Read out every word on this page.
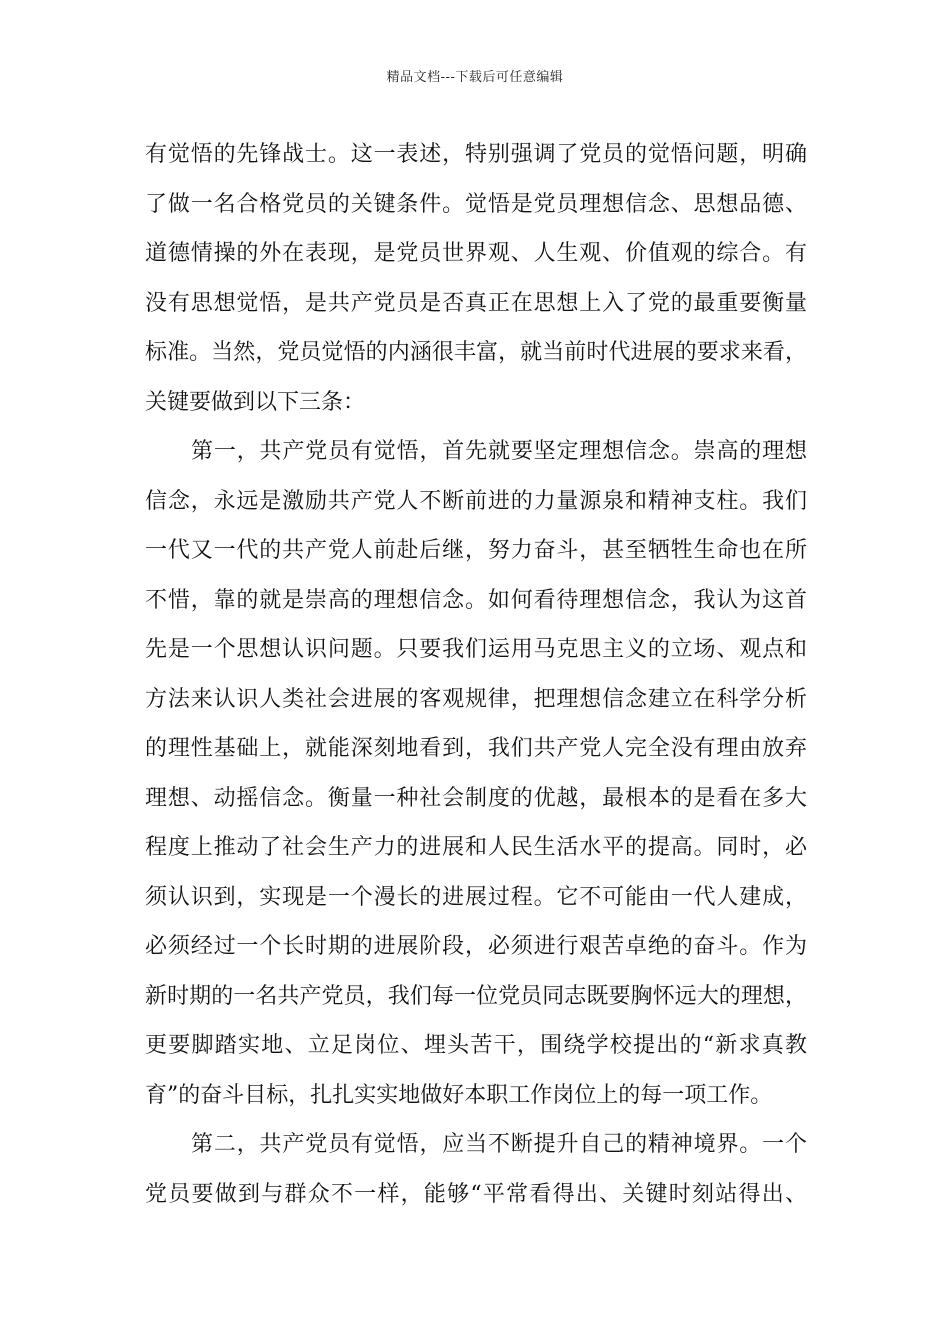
精品文档---下载后可任意编辑
有觉悟的先锋战士。这一表述，特别强调了党员的觉悟问题，明确
了做一名合格党员的关键条件。觉悟是党员理想信念、思想品德、
道德情操的外在表现，是党员世界观、人生观、价值观的综合。有
没有思想觉悟，是共产党员是否真正在思想上入了党的最重要衡量
标准。当然，党员觉悟的内涵很丰富，就当前时代进展的要求来看，
关键要做到以下三条：
第一，共产党员有觉悟，首先就要坚定理想信念。崇高的理想
信念，永远是激励共产党人不断前进的力量源泉和精神支柱。我们
一代又一代的共产党人前赴后继，努力奋斗，甚至牺牲生命也在所
不惜，靠的就是崇高的理想信念。如何看待理想信念，我认为这首
先是一个思想认识问题。只要我们运用马克思主义的立场、观点和
方法来认识人类社会进展的客观规律，把理想信念建立在科学分析
的理性基础上，就能深刻地看到，我们共产党人完全没有理由放弃
理想、动摇信念。衡量一种社会制度的优越，最根本的是看在多大
程度上推动了社会生产力的进展和人民生活水平的提高。同时，必
须认识到，实现是一个漫长的进展过程。它不可能由一代人建成，
必须经过一个长时期的进展阶段，必须进行艰苦卓绝的奋斗。作为
新时期的一名共产党员，我们每一位党员同志既要胸怀远大的理想，
更要脚踏实地、立足岗位、埋头苦干，围绕学校提出的“新求真教
育”的奋斗目标，扎扎实实地做好本职工作岗位上的每一项工作。
第二，共产党员有觉悟，应当不断提升自己的精神境界。一个
党员要做到与群众不一样，能够“平常看得出、关键时刻站得出、
